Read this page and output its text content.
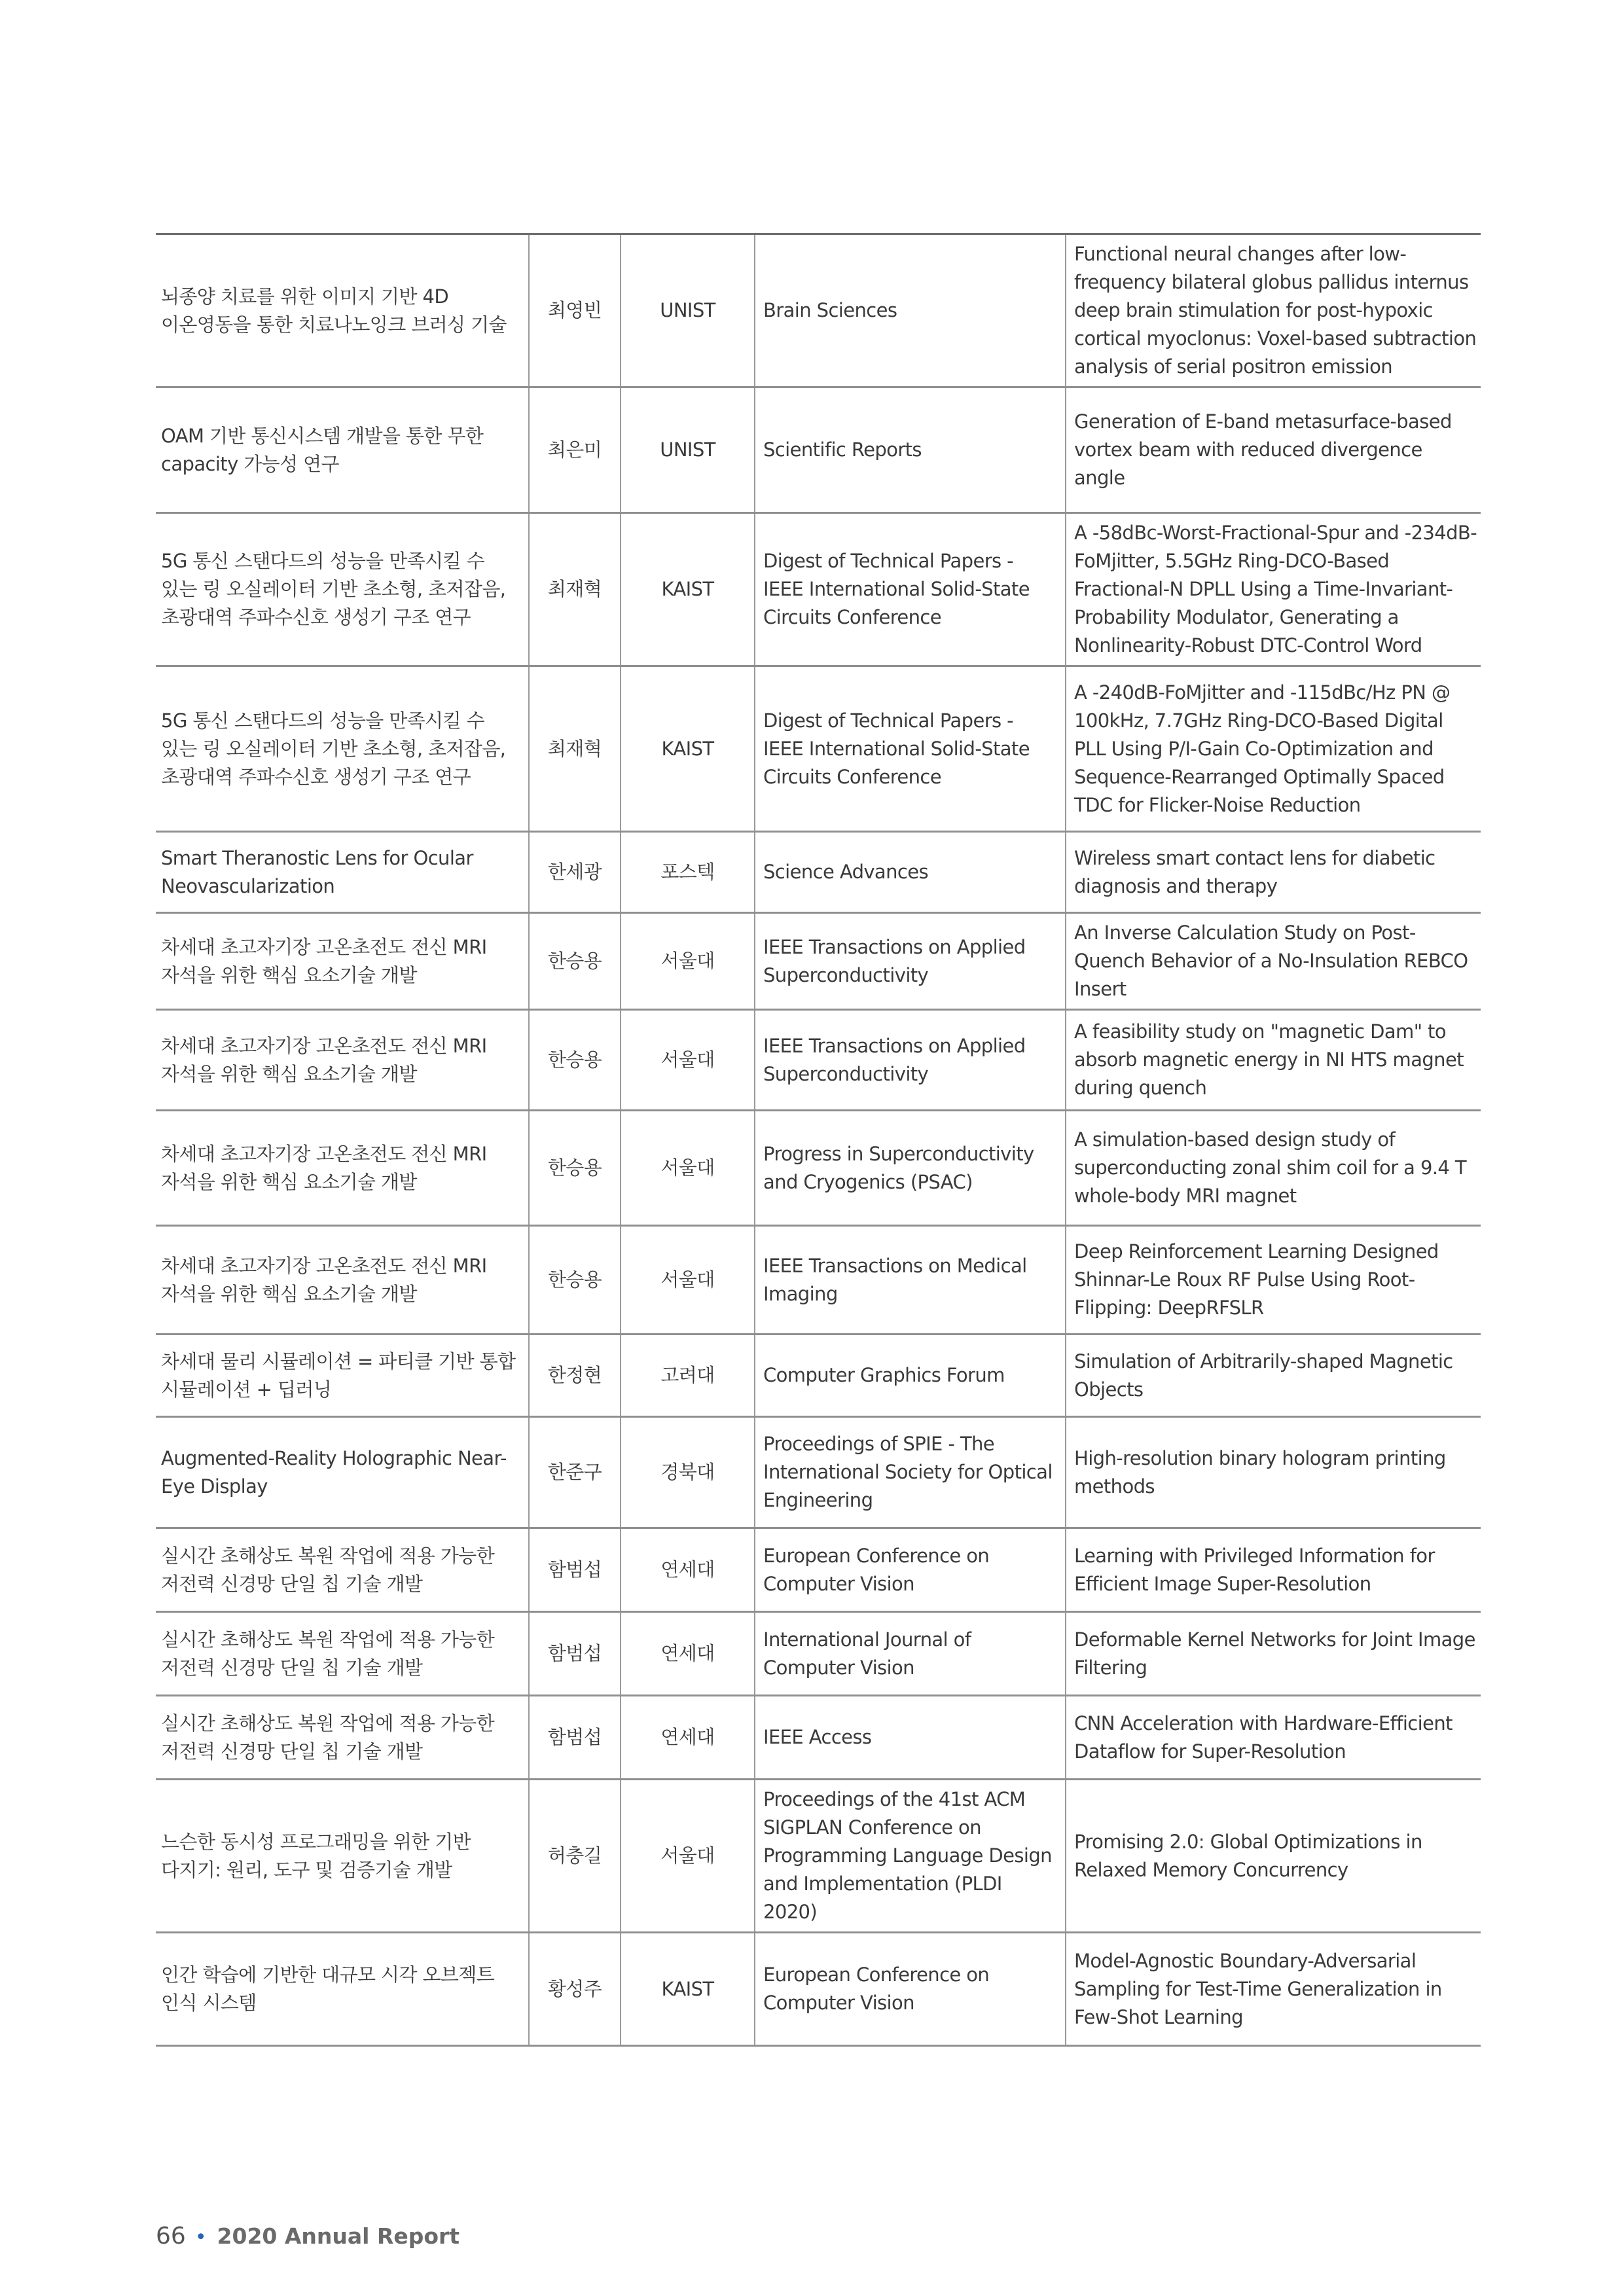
뇌종양 치료를 위한 이미지 기반 4D 이온영동을 통한 치료나노잉크 브러싱 기술	최영빈	UNIST	Brain Sciences	Functional neural changes after low-frequency bilateral globus pallidus internus deep brain stimulation for post-hypoxic cortical myoclonus: Voxel-based subtraction analysis of serial positron emission
OAM 기반 통신시스템 개발을 통한 무한 capacity 가능성 연구	최은미	UNIST	Scientific Reports	Generation of E-band metasurface-based vortex beam with reduced divergence angle
5G 통신 스탠다드의 성능을 만족시킬 수 있는 링 오실레이터 기반 초소형, 초저잡음, 초광대역 주파수신호 생성기 구조 연구	최재혁	KAIST	Digest of Technical Papers - IEEE International Solid-State Circuits Conference	A -58dBc-Worst-Fractional-Spur and -234dB-FoMjitter, 5.5GHz Ring-DCO-Based Fractional-N DPLL Using a Time-Invariant-Probability Modulator, Generating a Nonlinearity-Robust DTC-Control Word
5G 통신 스탠다드의 성능을 만족시킬 수 있는 링 오실레이터 기반 초소형, 초저잡음, 초광대역 주파수신호 생성기 구조 연구	최재혁	KAIST	Digest of Technical Papers - IEEE International Solid-State Circuits Conference	A -240dB-FoMjitter and -115dBc/Hz PN @ 100kHz, 7.7GHz Ring-DCO-Based Digital PLL Using P/I-Gain Co-Optimization and Sequence-Rearranged Optimally Spaced TDC for Flicker-Noise Reduction
Smart Theranostic Lens for Ocular Neovascularization	한세광	포스텍	Science Advances	Wireless smart contact lens for diabetic diagnosis and therapy
차세대 초고자기장 고온초전도 전신 MRI 자석을 위한 핵심 요소기술 개발	한승용	서울대	IEEE Transactions on Applied Superconductivity	An Inverse Calculation Study on Post-Quench Behavior of a No-Insulation REBCO Insert
차세대 초고자기장 고온초전도 전신 MRI 자석을 위한 핵심 요소기술 개발	한승용	서울대	IEEE Transactions on Applied Superconductivity	A feasibility study on "magnetic Dam" to absorb magnetic energy in NI HTS magnet during quench
차세대 초고자기장 고온초전도 전신 MRI 자석을 위한 핵심 요소기술 개발	한승용	서울대	Progress in Superconductivity and Cryogenics (PSAC)	A simulation-based design study of superconducting zonal shim coil for a 9.4 T whole-body MRI magnet
차세대 초고자기장 고온초전도 전신 MRI 자석을 위한 핵심 요소기술 개발	한승용	서울대	IEEE Transactions on Medical Imaging	Deep Reinforcement Learning Designed Shinnar-Le Roux RF Pulse Using Root-Flipping: DeepRFSLR
차세대 물리 시뮬레이션 = 파티클 기반 통합 시뮬레이션 + 딥러닝	한정현	고려대	Computer Graphics Forum	Simulation of Arbitrarily-shaped Magnetic Objects
Augmented-Reality Holographic Near-Eye Display	한준구	경북대	Proceedings of SPIE - The International Society for Optical Engineering	High-resolution binary hologram printing methods
실시간 초해상도 복원 작업에 적용 가능한 저전력 신경망 단일 칩 기술 개발	함범섭	연세대	European Conference on Computer Vision	Learning with Privileged Information for Efficient Image Super-Resolution
실시간 초해상도 복원 작업에 적용 가능한 저전력 신경망 단일 칩 기술 개발	함범섭	연세대	International Journal of Computer Vision	Deformable Kernel Networks for Joint Image Filtering
실시간 초해상도 복원 작업에 적용 가능한 저전력 신경망 단일 칩 기술 개발	함범섭	연세대	IEEE Access	CNN Acceleration with Hardware-Efficient Dataflow for Super-Resolution
느슨한 동시성 프로그래밍을 위한 기반 다지기: 원리, 도구 및 검증기술 개발	허충길	서울대	Proceedings of the 41st ACM SIGPLAN Conference on Programming Language Design and Implementation (PLDI 2020)	Promising 2.0: Global Optimizations in Relaxed Memory Concurrency
인간 학습에 기반한 대규모 시각 오브젝트 인식 시스템	황성주	KAIST	European Conference on Computer Vision	Model-Agnostic Boundary-Adversarial Sampling for Test-Time Generalization in Few-Shot Learning
66 • 2020 Annual Report
